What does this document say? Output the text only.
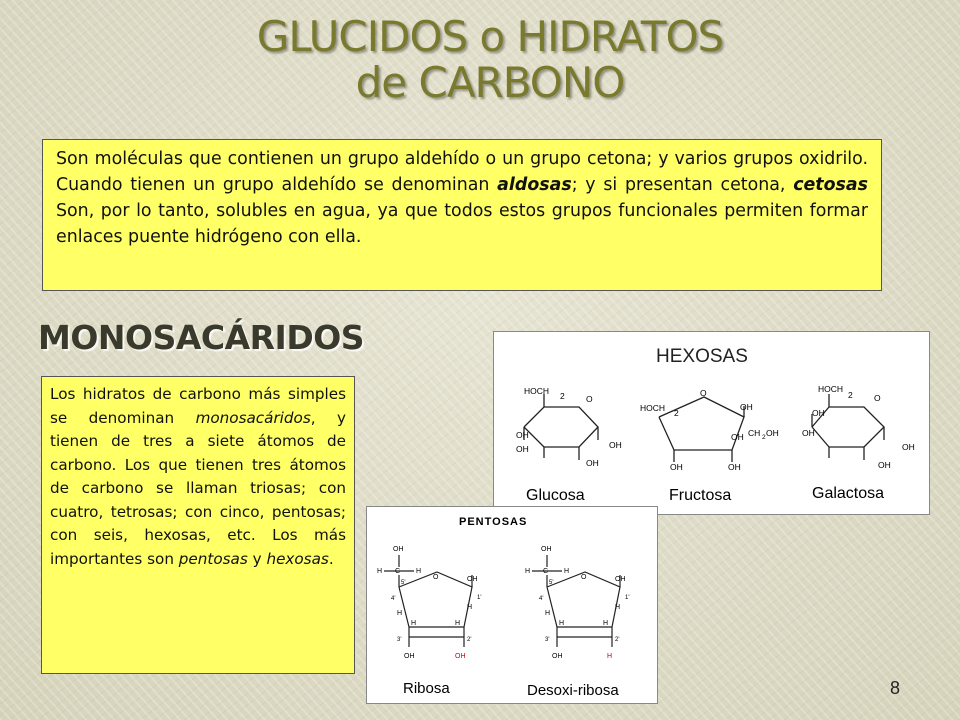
GLUCIDOS o HIDRATOS
de CARBONO
Son moléculas que contienen un grupo aldehído o un grupo cetona; y varios grupos oxidrilo. Cuando tienen un grupo aldehído se denominan aldosas; y si presentan cetona, cetosas Son, por lo tanto, solubles en agua, ya que todos estos grupos funcionales permiten formar enlaces puente hidrógeno con ella.
MONOSACÁRIDOS
Los hidratos de carbono más simples se denominan monosacáridos, y tienen de tres a siete átomos de carbono. Los que tienen tres átomos de carbono se llaman triosas; con cuatro, tetrosas; con cinco, pentosas; con seis, hexosas, etc. Los más importantes son pentosas y hexosas.
HEXOSAS
HOCH 2	O
OH
OH
OH
OH
HOCH 2
O
OH
OH CH 2 OH
OH	OH
HOCH
2	O
OH
OH
OH
OH
Glucosa	Fructosa	Galactosa
PENTOSAS
OH
H C H
5'
O
4'
OH
1'
H
H
H	H
3'	2'
OH	OH
OH
H C H
5'
O
4'
OH
1'
H
H
H	H
3'	2'
OH	H
Ribosa	Desoxi-ribosa	8
